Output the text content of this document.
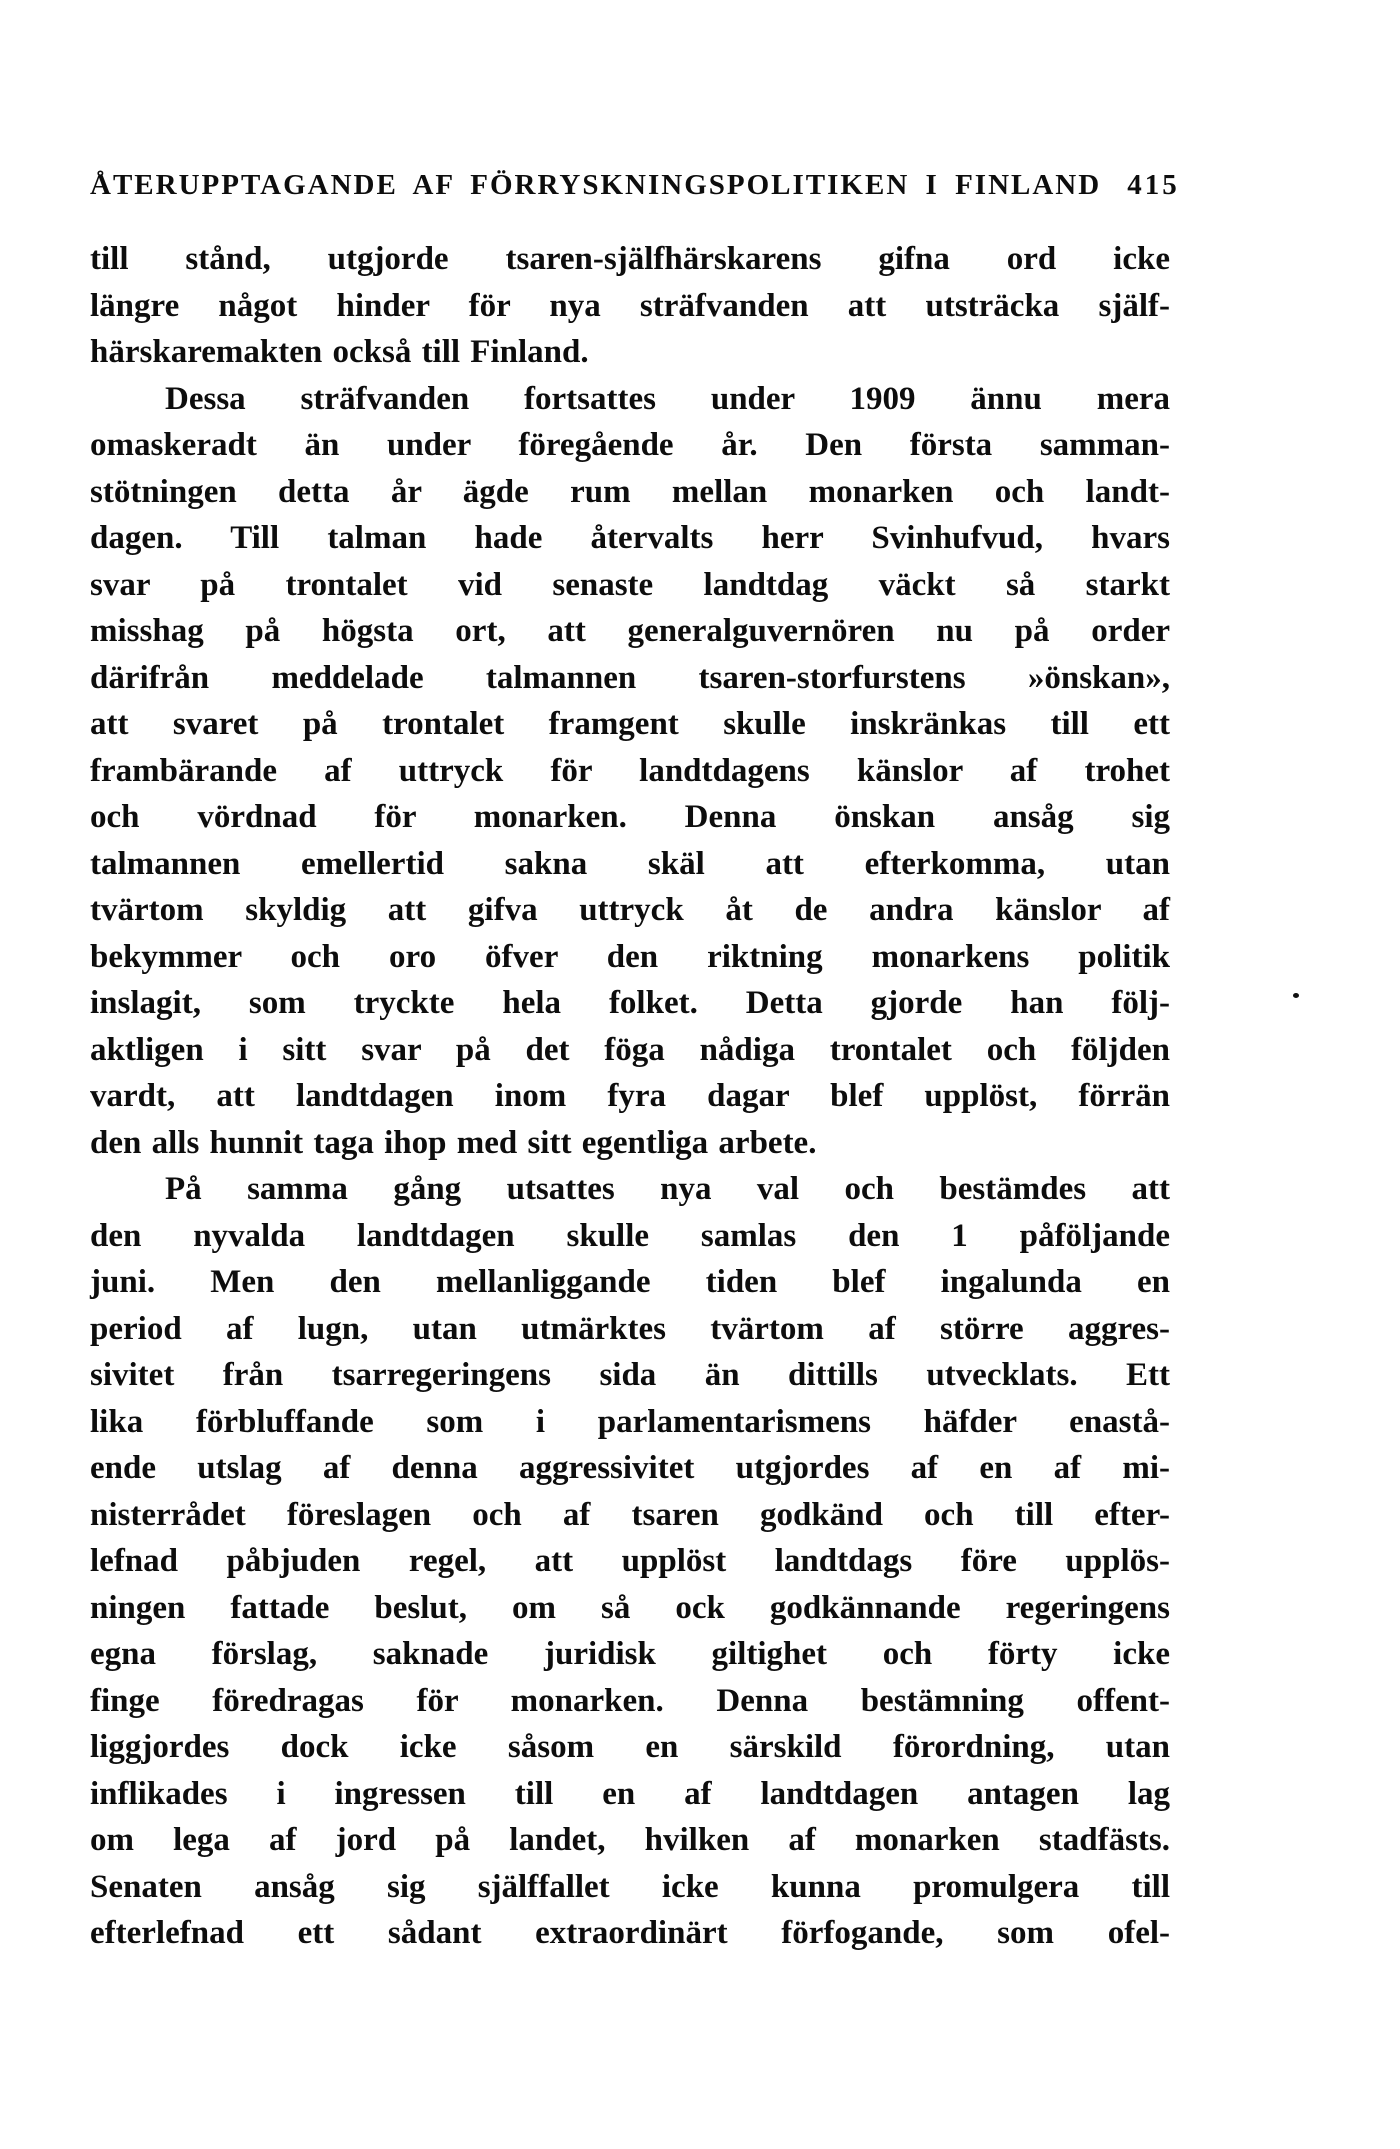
ÅTERUPPTAGANDE AF FÖRRYSKNINGSPOLITIKEN I FINLAND 415
till stånd, utgjorde tsaren-själfhärskarens gifna ord icke
längre något hinder för nya sträfvanden att utsträcka själf-
härskaremakten också till Finland.
Dessa sträfvanden fortsattes under 1909 ännu mera
omaskeradt än under föregående år. Den första samman-
stötningen detta år ägde rum mellan monarken och landt-
dagen. Till talman hade återvalts herr Svinhufvud, hvars
svar på trontalet vid senaste landtdag väckt så starkt
misshag på högsta ort, att generalguvernören nu på order
därifrån meddelade talmannen tsaren-storfurstens »önskan»,
att svaret på trontalet framgent skulle inskränkas till ett
frambärande af uttryck för landtdagens känslor af trohet
och vördnad för monarken. Denna önskan ansåg sig
talmannen emellertid sakna skäl att efterkomma, utan
tvärtom skyldig att gifva uttryck åt de andra känslor af
bekymmer och oro öfver den riktning monarkens politik
inslagit, som tryckte hela folket. Detta gjorde han följ-
aktligen i sitt svar på det föga nådiga trontalet och följden
vardt, att landtdagen inom fyra dagar blef upplöst, förrän
den alls hunnit taga ihop med sitt egentliga arbete.
På samma gång utsattes nya val och bestämdes att
den nyvalda landtdagen skulle samlas den 1 påföljande
juni. Men den mellanliggande tiden blef ingalunda en
period af lugn, utan utmärktes tvärtom af större aggres-
sivitet från tsarregeringens sida än dittills utvecklats. Ett
lika förbluffande som i parlamentarismens häfder enastå-
ende utslag af denna aggressivitet utgjordes af en af mi-
nisterrådet föreslagen och af tsaren godkänd och till efter-
lefnad påbjuden regel, att upplöst landtdags före upplös-
ningen fattade beslut, om så ock godkännande regeringens
egna förslag, saknade juridisk giltighet och förty icke
finge föredragas för monarken. Denna bestämning offent-
liggjordes dock icke såsom en särskild förordning, utan
inflikades i ingressen till en af landtdagen antagen lag
om lega af jord på landet, hvilken af monarken stadfästs.
Senaten ansåg sig själffallet icke kunna promulgera till
efterlefnad ett sådant extraordinärt förfogande, som ofel-
